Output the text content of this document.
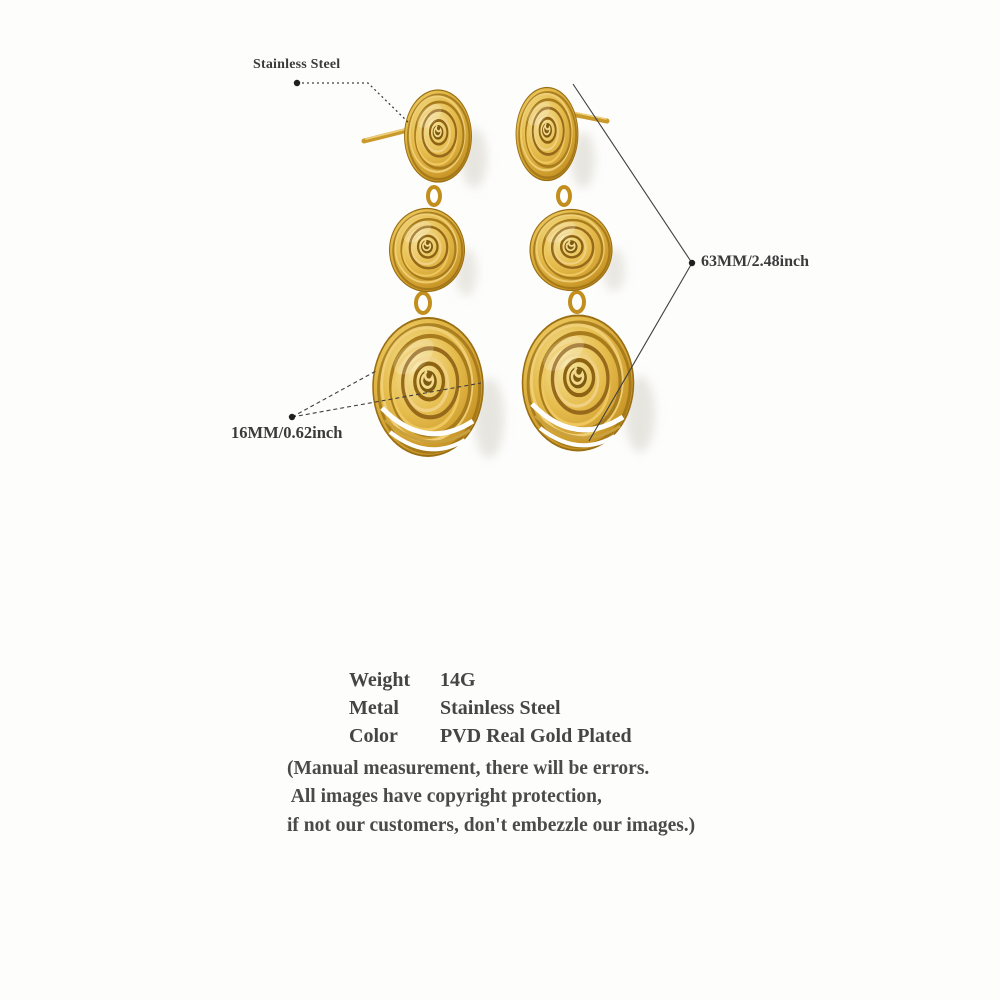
Stainless Steel
63MM/2.48inch
16MM/0.62inch
Weight	14G
Metal	Stainless Steel
Color	PVD Real Gold Plated
(Manual measurement, there will be errors.
All images have copyright protection,
if not our customers, don't embezzle our images.)
